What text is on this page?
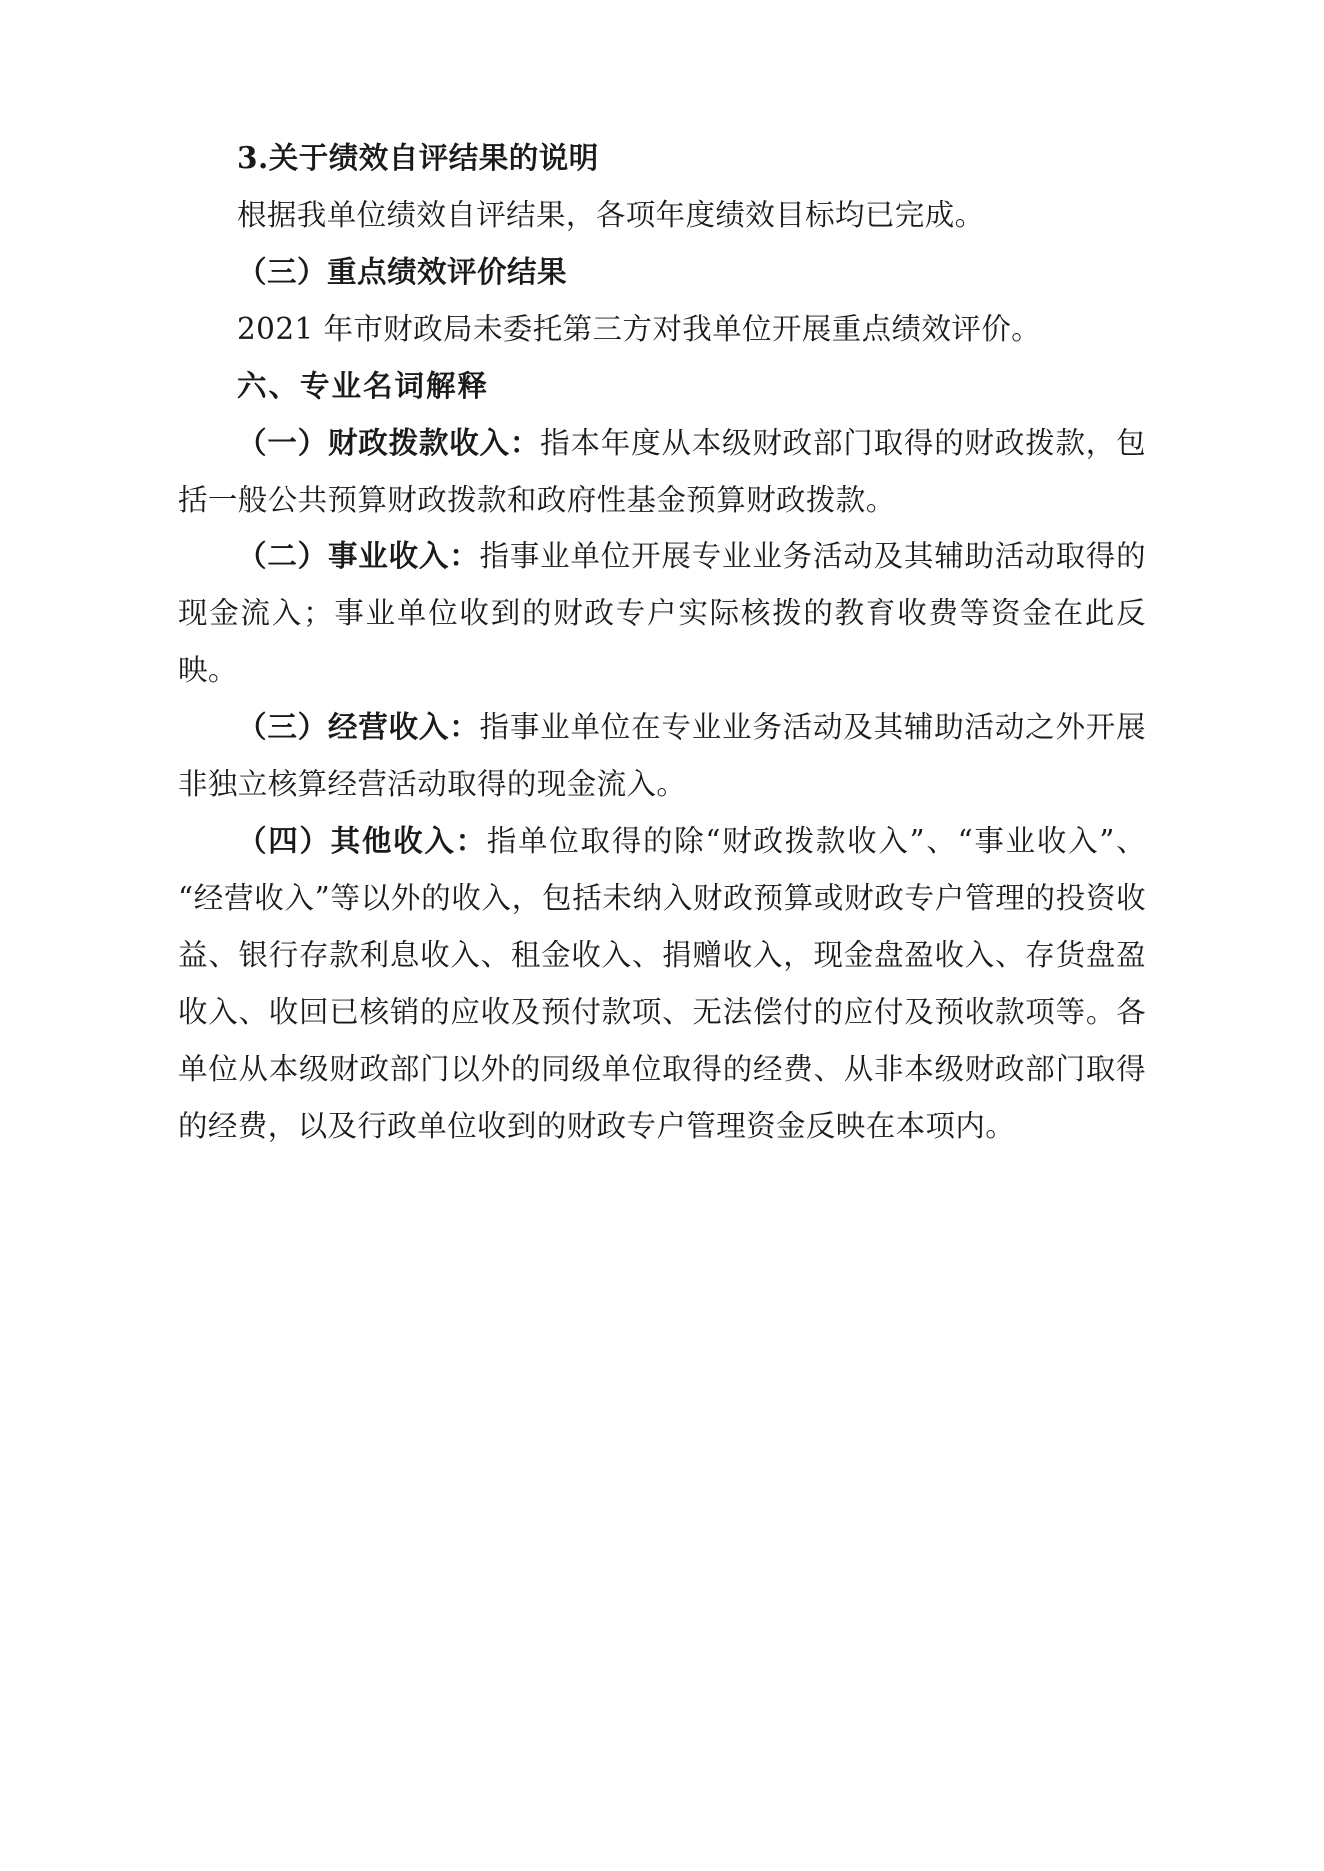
3.关于绩效自评结果的说明

根据我单位绩效自评结果，各项年度绩效目标均已完成。

（三）重点绩效评价结果

2021 年市财政局未委托第三方对我单位开展重点绩效评价。

六、专业名词解释

（一）财政拨款收入：指本年度从本级财政部门取得的财政拨款，包括一般公共预算财政拨款和政府性基金预算财政拨款。

（二）事业收入：指事业单位开展专业业务活动及其辅助活动取得的现金流入；事业单位收到的财政专户实际核拨的教育收费等资金在此反映。

（三）经营收入：指事业单位在专业业务活动及其辅助活动之外开展非独立核算经营活动取得的现金流入。

（四）其他收入：指单位取得的除“财政拨款收入”、“事业收入”、“经营收入”等以外的收入，包括未纳入财政预算或财政专户管理的投资收益、银行存款利息收入、租金收入、捐赠收入，现金盘盈收入、存货盘盈收入、收回已核销的应收及预付款项、无法偿付的应付及预收款项等。各单位从本级财政部门以外的同级单位取得的经费、从非本级财政部门取得的经费，以及行政单位收到的财政专户管理资金反映在本项内。
